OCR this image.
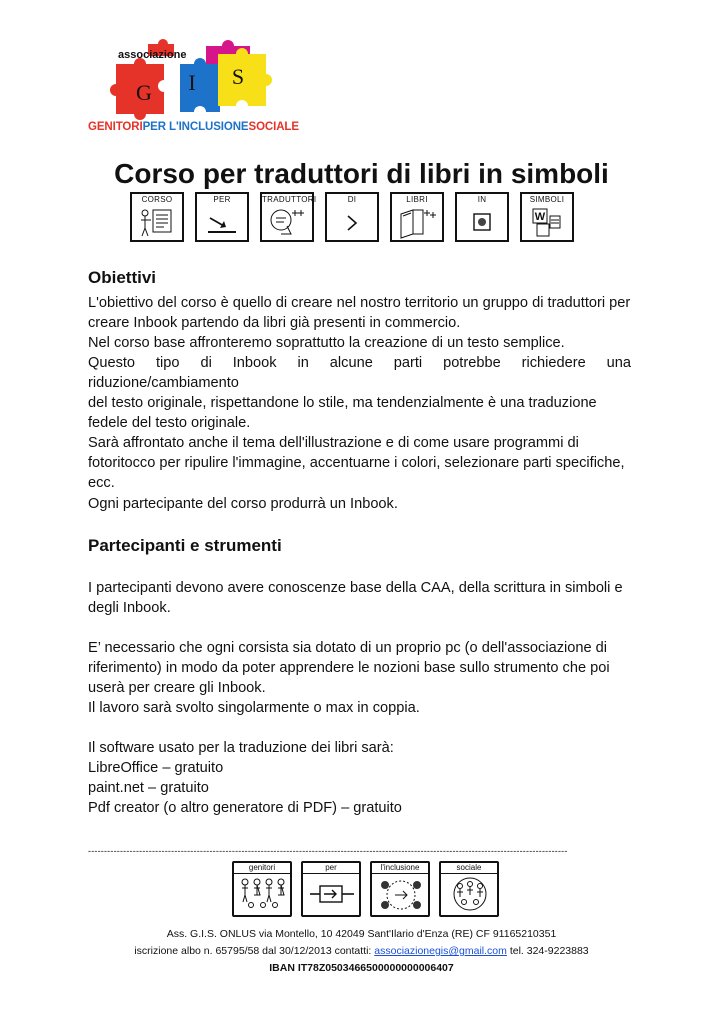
G I S
associazione
GENITORIPER L'INCLUSIONESOCIALE
Corso per traduttori di libri in simboli
CORSO	PER	TRADUTTORI	DI	LIBRI	IN	SIMBOLI
W
Obiettivi

L'obiettivo del corso è quello di creare nel nostro territorio un gruppo di traduttori per
creare Inbook partendo da libri già presenti in commercio.
Nel corso base affronteremo soprattutto la creazione di un testo semplice.
Questo tipo di Inbook in alcune parti potrebbe richiedere una riduzione/cambiamento
del testo originale, rispettandone lo stile, ma tendenzialmente è una traduzione
fedele del testo originale.
Sarà affrontato anche il tema dell'illustrazione e di come usare programmi di
fotoritocco per ripulire l'immagine, accentuarne i colori, selezionare parti specifiche,
ecc.

Ogni partecipante del corso produrrà un Inbook.

Partecipanti e strumenti

I partecipanti devono avere conoscenze base della CAA, della scrittura in simboli e
degli Inbook.

E’ necessario che ogni corsista sia dotato di un proprio pc (o dell'associazione di
riferimento) in modo da poter apprendere le nozioni base sullo strumento che poi
userà per creare gli Inbook.
Il lavoro sarà svolto singolarmente o max in coppia.

Il software usato per la traduzione dei libri sarà:
LibreOffice – gratuito
paint.net – gratuito
Pdf creator (o altro generatore di PDF) – gratuito

------------------------------------------------------------------------------------------------------------------------------------------------------
genitori	per	l'inclusione	sociale
Ass. G.I.S. ONLUS via Montello, 10 42049 Sant'Ilario d'Enza (RE) CF 91165210351
iscrizione albo n. 65795/58 dal 30/12/2013 contatti: associazionegis@gmail.com tel. 324-9223883
IBAN IT78Z0503466500000000006407
